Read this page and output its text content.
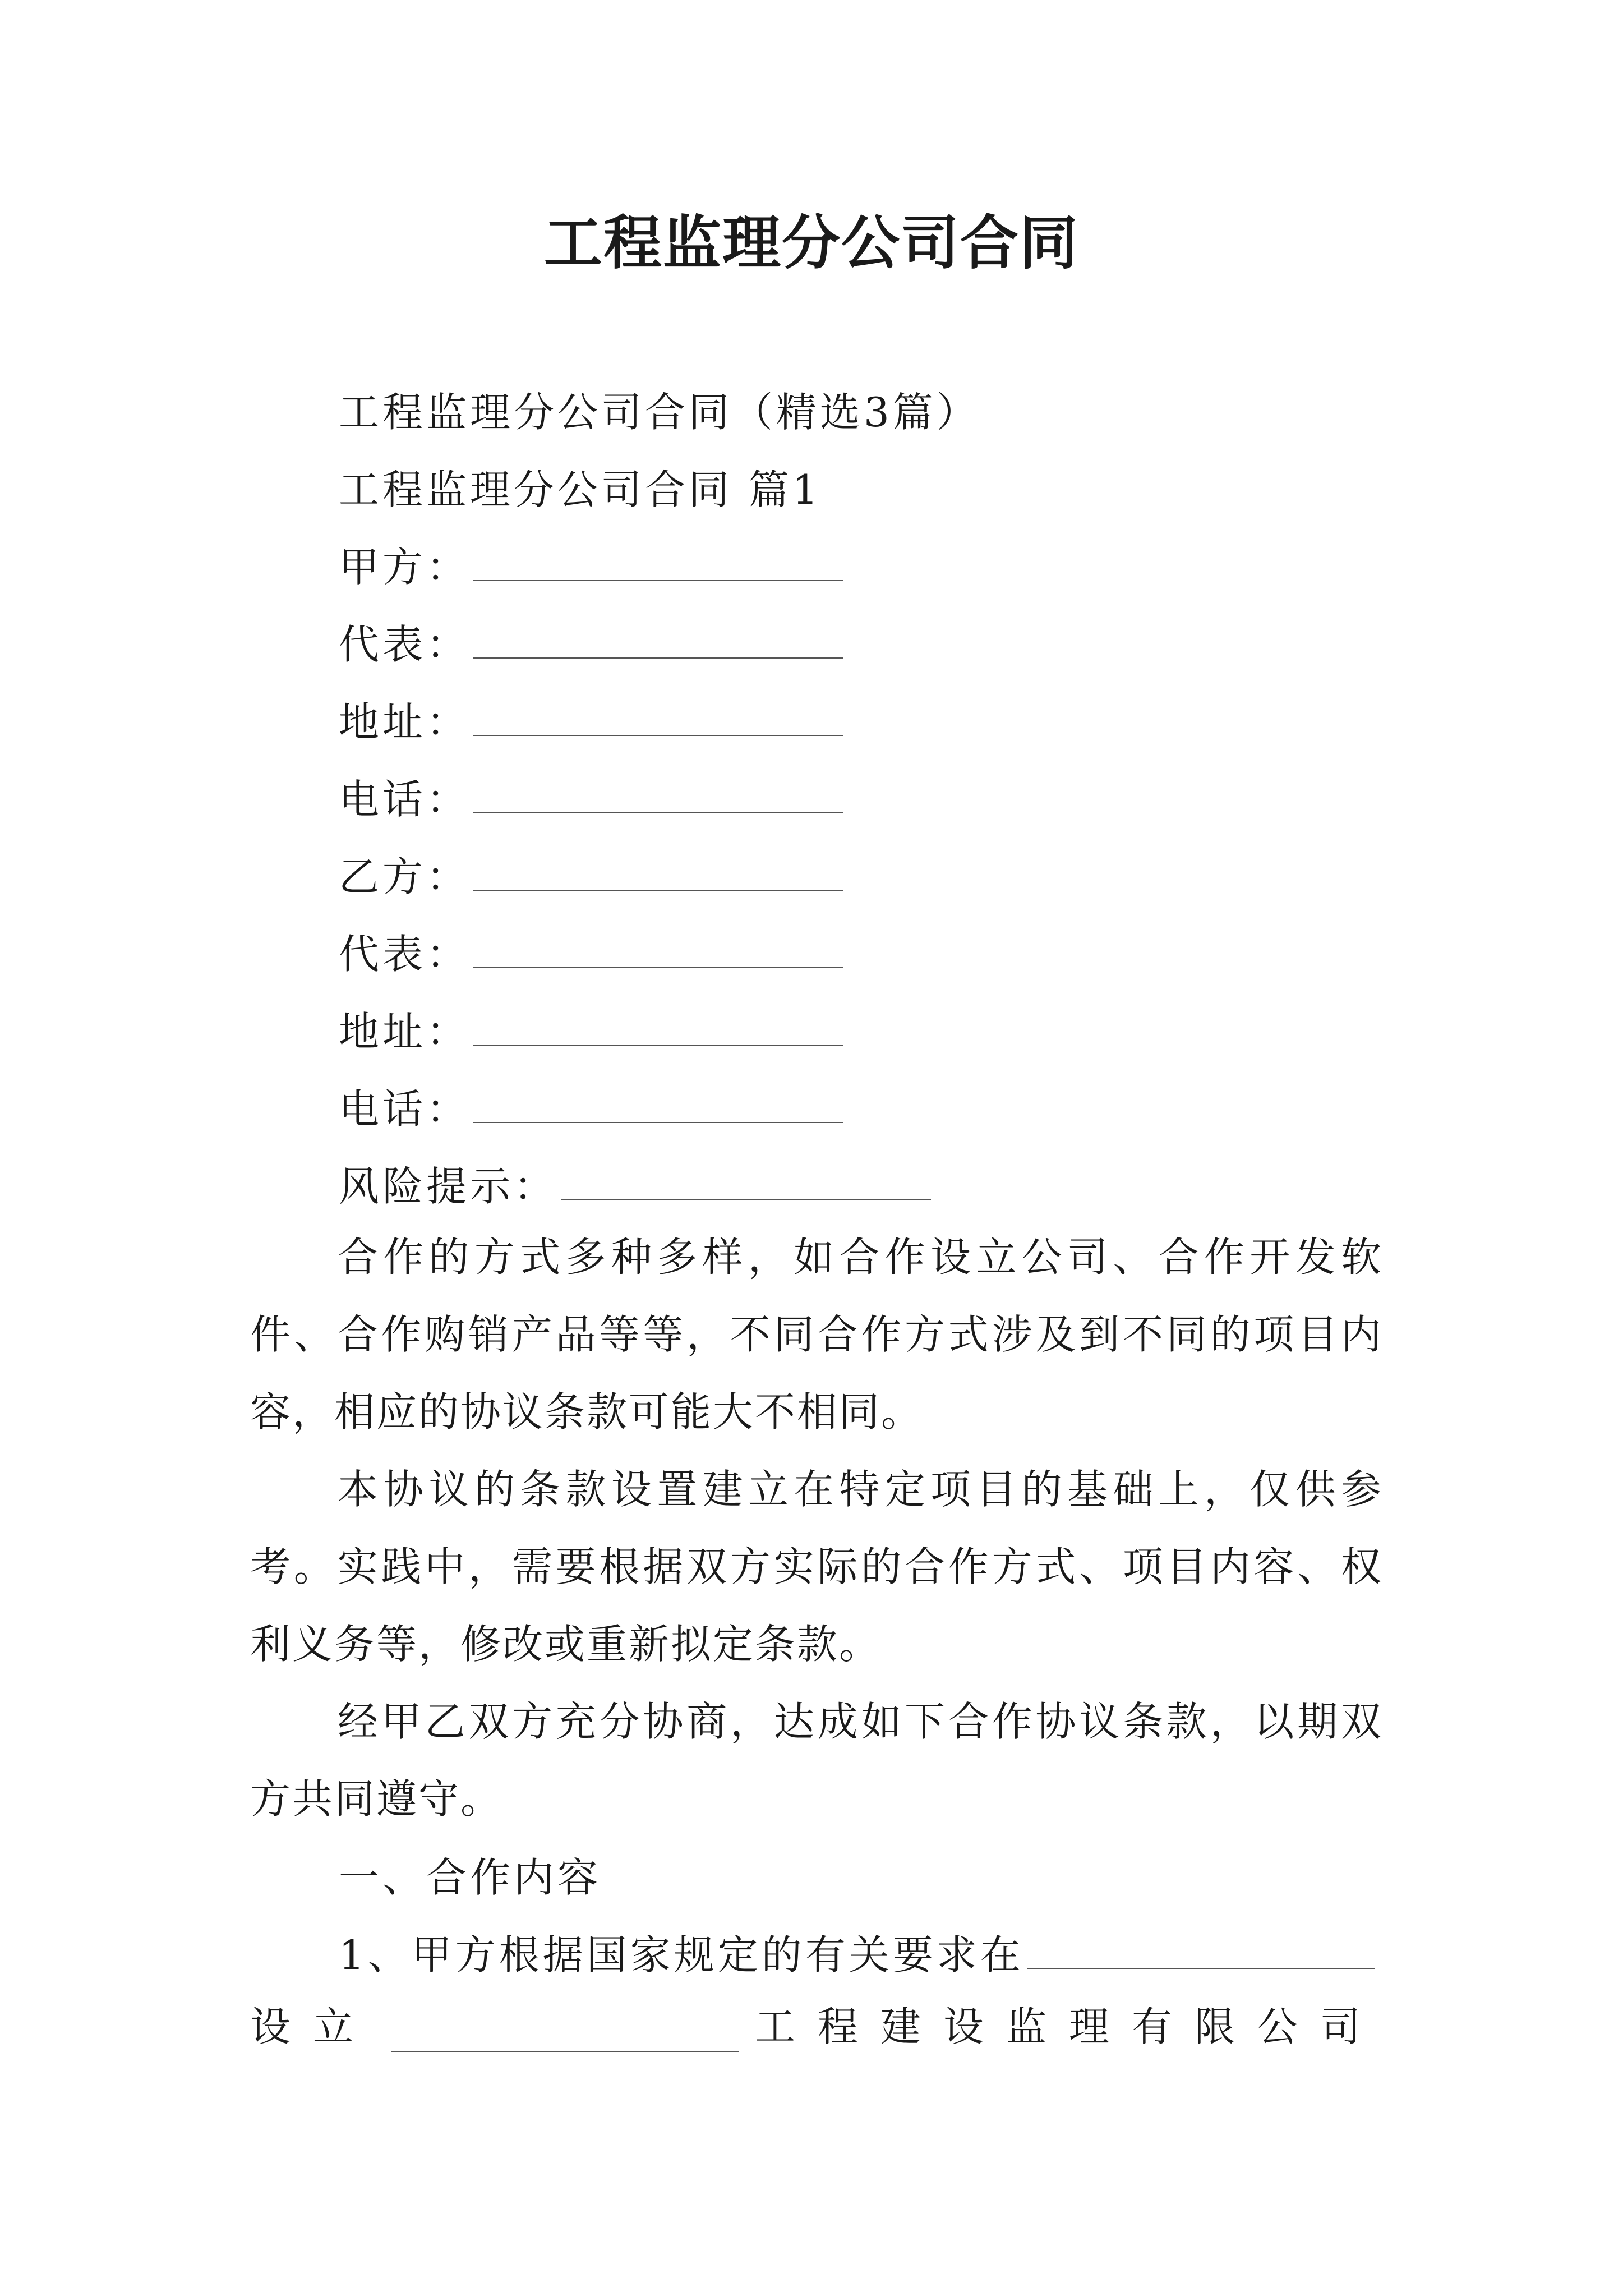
工程监理分公司合同
工程监理分公司合同（精选3篇）
工程监理分公司合同 篇1
甲方：
代表：
地址：
电话：
乙方：
代表：
地址：
电话：
风险提示：
合作的方式多种多样，如合作设立公司、合作开发软件、合作购销产品等等，不同合作方式涉及到不同的项目内容，相应的协议条款可能大不相同。
本协议的条款设置建立在特定项目的基础上，仅供参考。实践中，需要根据双方实际的合作方式、项目内容、权利义务等，修改或重新拟定条款。
经甲乙双方充分协商，达成如下合作协议条款，以期双方共同遵守。
一、合作内容
1、甲方根据国家规定的有关要求在
设立	工程建设监理有限公司
